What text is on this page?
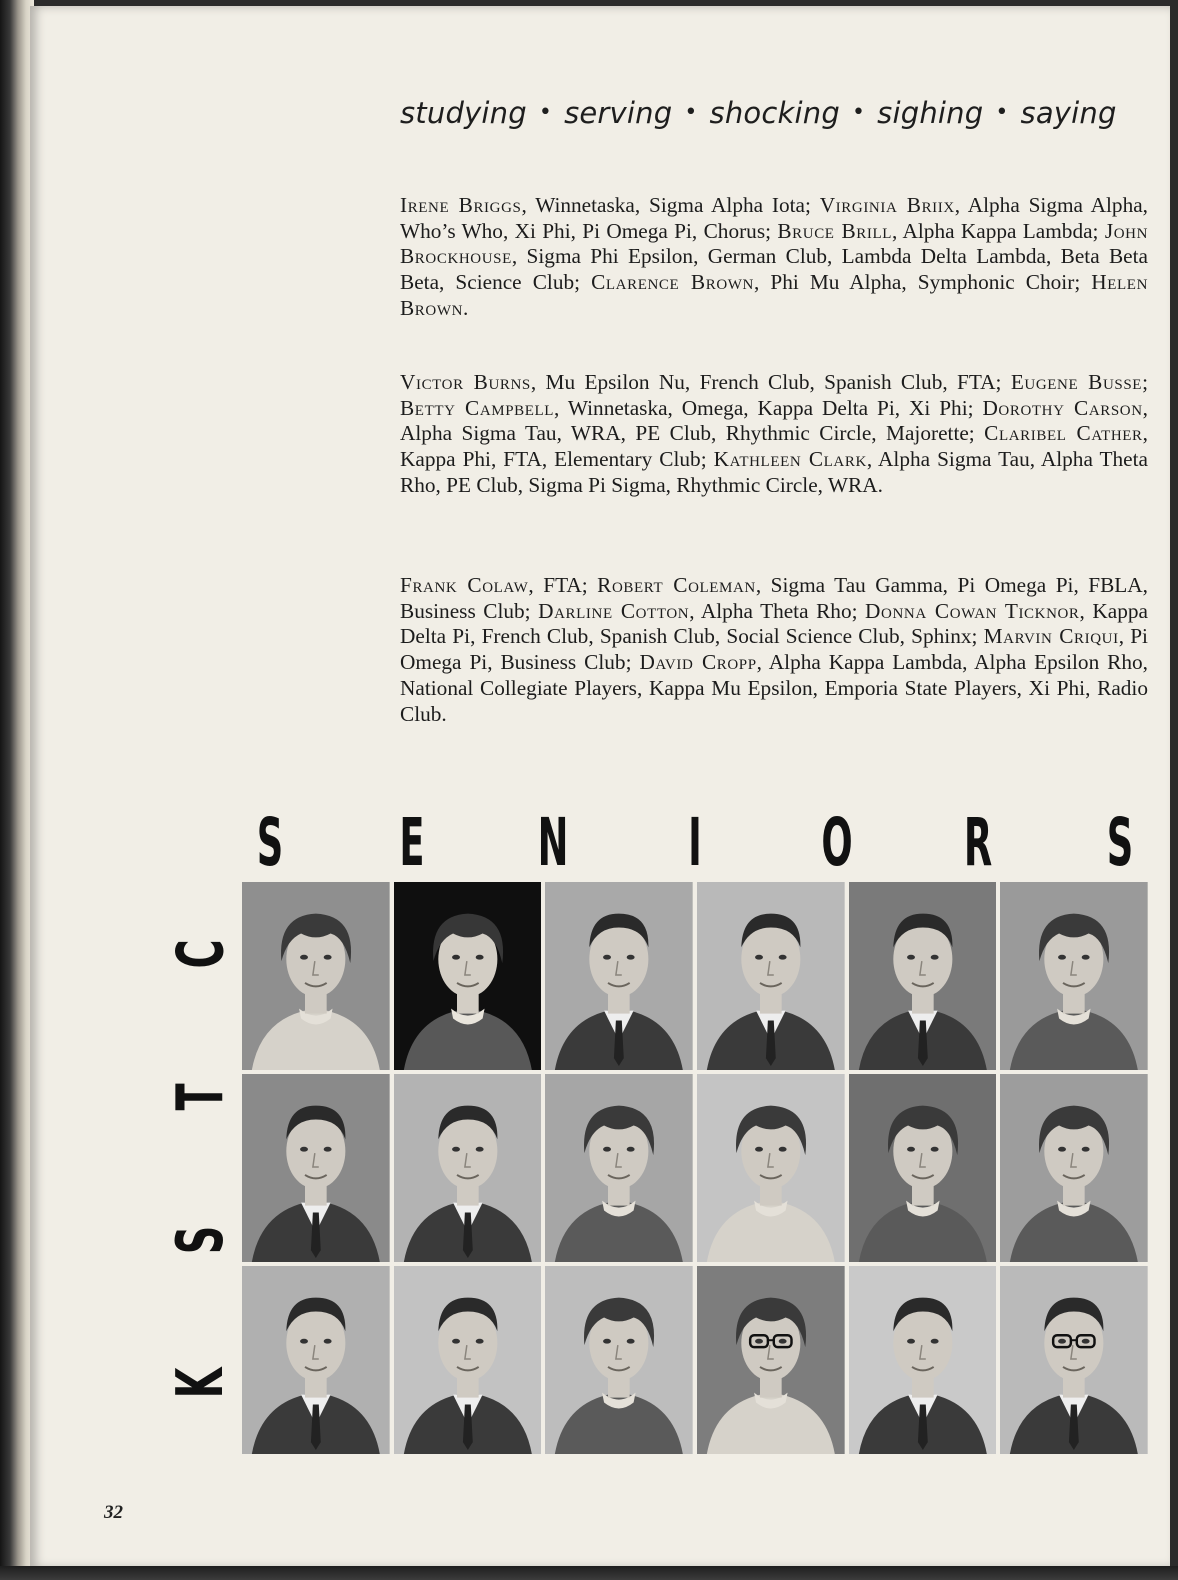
studying • serving • shocking • sighing • saying

Irene Briggs, Winnetaska, Sigma Alpha Iota; Virginia Briix, Alpha Sigma Alpha, Who’s Who, Xi Phi, Pi Omega Pi, Chorus; Bruce Brill, Alpha Kappa Lambda; John Brockhouse, Sigma Phi Epsilon, German Club, Lambda Delta Lambda, Beta Beta Beta, Science Club; Clarence Brown, Phi Mu Alpha, Symphonic Choir; Helen Brown.

Victor Burns, Mu Epsilon Nu, French Club, Spanish Club, FTA; Eugene Busse; Betty Campbell, Winnetaska, Omega, Kappa Delta Pi, Xi Phi; Dorothy Carson, Alpha Sigma Tau, WRA, PE Club, Rhythmic Circle, Majorette; Claribel Cather, Kappa Phi, FTA, Elementary Club; Kathleen Clark, Alpha Sigma Tau, Alpha Theta Rho, PE Club, Sigma Pi Sigma, Rhythmic Circle, WRA.

Frank Colaw, FTA; Robert Coleman, Sigma Tau Gamma, Pi Omega Pi, FBLA, Business Club; Darline Cotton, Alpha Theta Rho; Donna Cowan Ticknor, Kappa Delta Pi, French Club, Spanish Club, Social Science Club, Sphinx; Marvin Criqui, Pi Omega Pi, Business Club; David Cropp, Alpha Kappa Lambda, Alpha Epsilon Rho, National Collegiate Players, Kappa Mu Epsilon, Emporia State Players, Xi Phi, Radio Club.

S E N I O R S
C
T
S
K
32
